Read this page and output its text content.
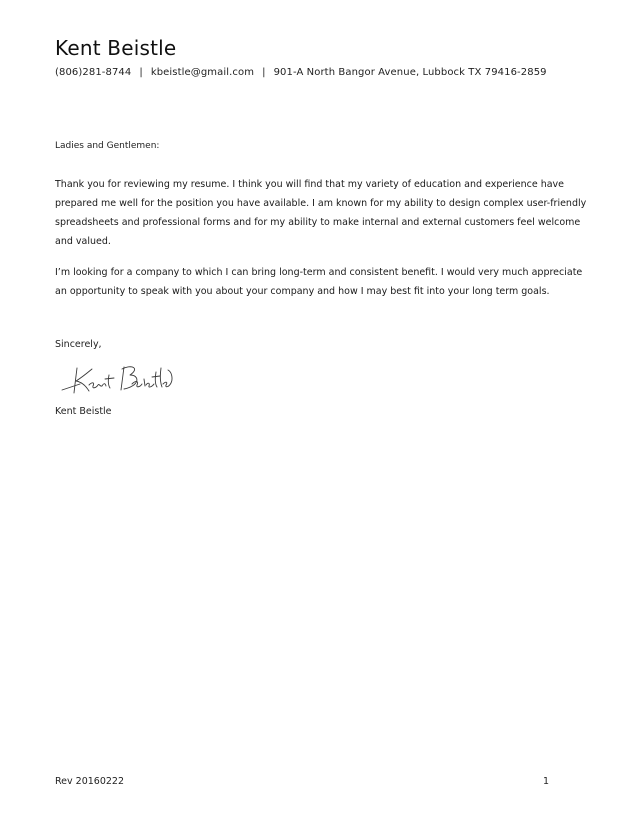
Kent Beistle
(806)281-8744 | kbeistle@gmail.com | 901-A North Bangor Avenue, Lubbock TX 79416-2859
Ladies and Gentlemen:

Thank you for reviewing my resume. I think you will find that my variety of education and experience have prepared me well for the position you have available. I am known for my ability to design complex user-friendly spreadsheets and professional forms and for my ability to make internal and external customers feel welcome and valued.

I’m looking for a company to which I can bring long-term and consistent benefit. I would very much appreciate an opportunity to speak with you about your company and how I may best fit into your long term goals.

Sincerely,
Kent Beistle
Rev 20160222	1
